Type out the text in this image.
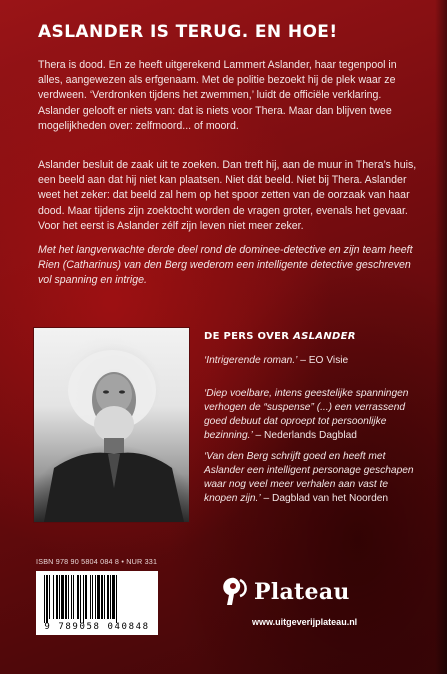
ASLANDER IS TERUG. EN HOE!

Thera is dood. En ze heeft uitgerekend Lammert Aslander, haar tegenpool in alles, aangewezen als erfgenaam. Met de politie bezoekt hij de plek waar ze verdween. ‘Verdronken tijdens het zwemmen,’ luidt de officiële verklaring. Aslander gelooft er niets van: dat is niets voor Thera. Maar dan blijven twee mogelijkheden over: zelfmoord... of moord.

Aslander besluit de zaak uit te zoeken. Dan treft hij, aan de muur in Thera’s huis, een beeld aan dat hij niet kan plaatsen. Niet dát beeld. Niet bij Thera. Aslander weet het zeker: dat beeld zal hem op het spoor zetten van de oorzaak van haar dood. Maar tijdens zijn zoektocht worden de vragen groter, evenals het gevaar. Voor het eerst is Aslander zélf zijn leven niet meer zeker.

Met het langverwachte derde deel rond de dominee-detective en zijn team heeft Rien (Catharinus) van den Berg wederom een intelligente detective geschreven vol spanning en intrige.

DE PERS OVER ASLANDER

‘Intrigerende roman.’ – EO Visie

‘Diep voelbare, intens geestelijke spanningen verhogen de “suspense” (...) een verrassend goed debuut dat oproept tot persoonlijke bezinning.’ – Nederlands Dagblad

‘Van den Berg schrijft goed en heeft met Aslander een intelligent personage geschapen waar nog veel meer verhalen aan vast te knopen zijn.’ – Dagblad van het Noorden

ISBN 978 90 5804 084 8 • NUR 331

9 789058 040848
Plateau

www.uitgeverijplateau.nl
